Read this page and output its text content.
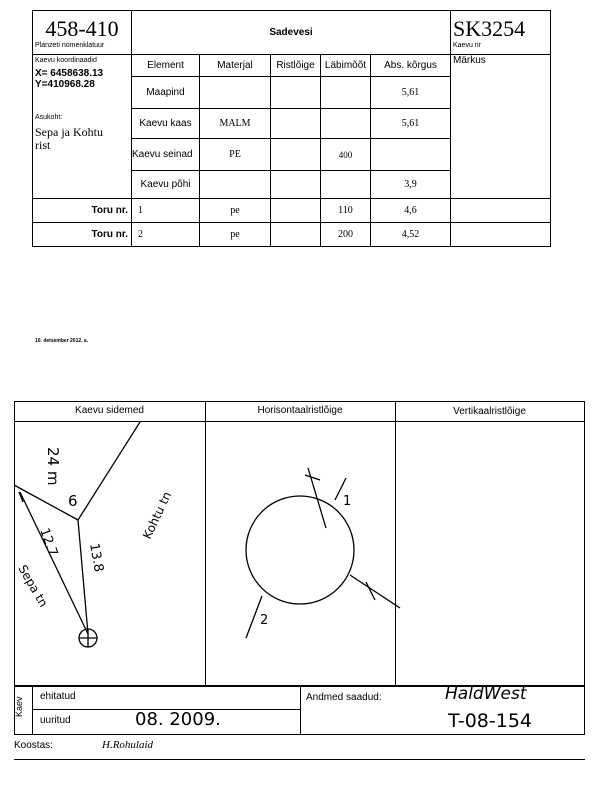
458-410
Planzeti nomenklatuur	Sadevesi					SK3254
Kaevu nr

Kaevu koordinaadid
X= 6458638.13
Y=410968.28
Asukoht:
Sepa ja Kohtu rist	Element	Materjal	Ristlõige	Läbimõõt	Abs. kõrgus	Märkus
	Maapind				5,61	
	Kaevu kaas	MALM			5,61	
	Kaevu seinad	PE		400		
	Kaevu põhi				3,9	
Toru nr.	1	pe		110	4,6	
Toru nr.	2	pe		200	4,52	
10. detsember 2012. a.
Kaevu sidemed	Horisontaalristlõige	Vertikaalristlõige
24 m
6
12.7 13.8
Kohtu tn
Sepa tn
1
2
Kaev ehitatud
uuritud	08. 2009.
Andmed saadud:	HaldWest
T-08-154
Koostas:	H.Rohulaid
